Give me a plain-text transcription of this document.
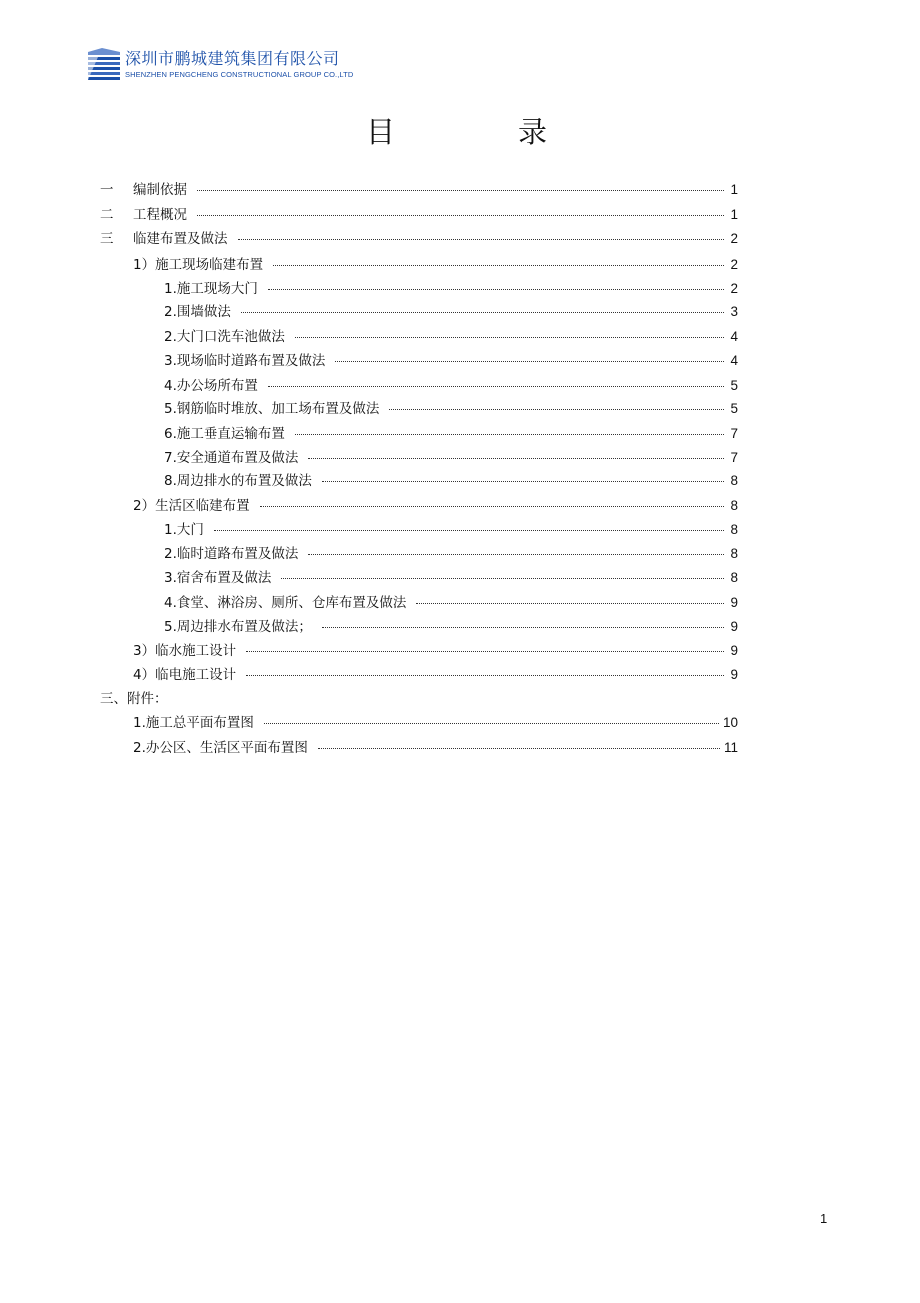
深圳市鹏城建筑集团有限公司
SHENZHEN PENGCHENG CONSTRUCTIONAL GROUP CO.,LTD
目	录
一	编制依据	1
二	工程概况	1
三	临建布置及做法	2
1）施工现场临建布置	2
1.施工现场大门	2
2.围墙做法	3
2.大门口洗车池做法	4
3.现场临时道路布置及做法	4
4.办公场所布置	5
5.钢筋临时堆放、加工场布置及做法	5
6.施工垂直运输布置	7
7.安全通道布置及做法	7
8.周边排水的布置及做法	8
2）生活区临建布置	8
1.大门	8
2.临时道路布置及做法	8
3.宿舍布置及做法	8
4.食堂、淋浴房、厕所、仓库布置及做法	9
5.周边排水布置及做法；	9
3）临水施工设计	9
4）临电施工设计	9
三、附件：
1.施工总平面布置图	10
2.办公区、生活区平面布置图	11
1
